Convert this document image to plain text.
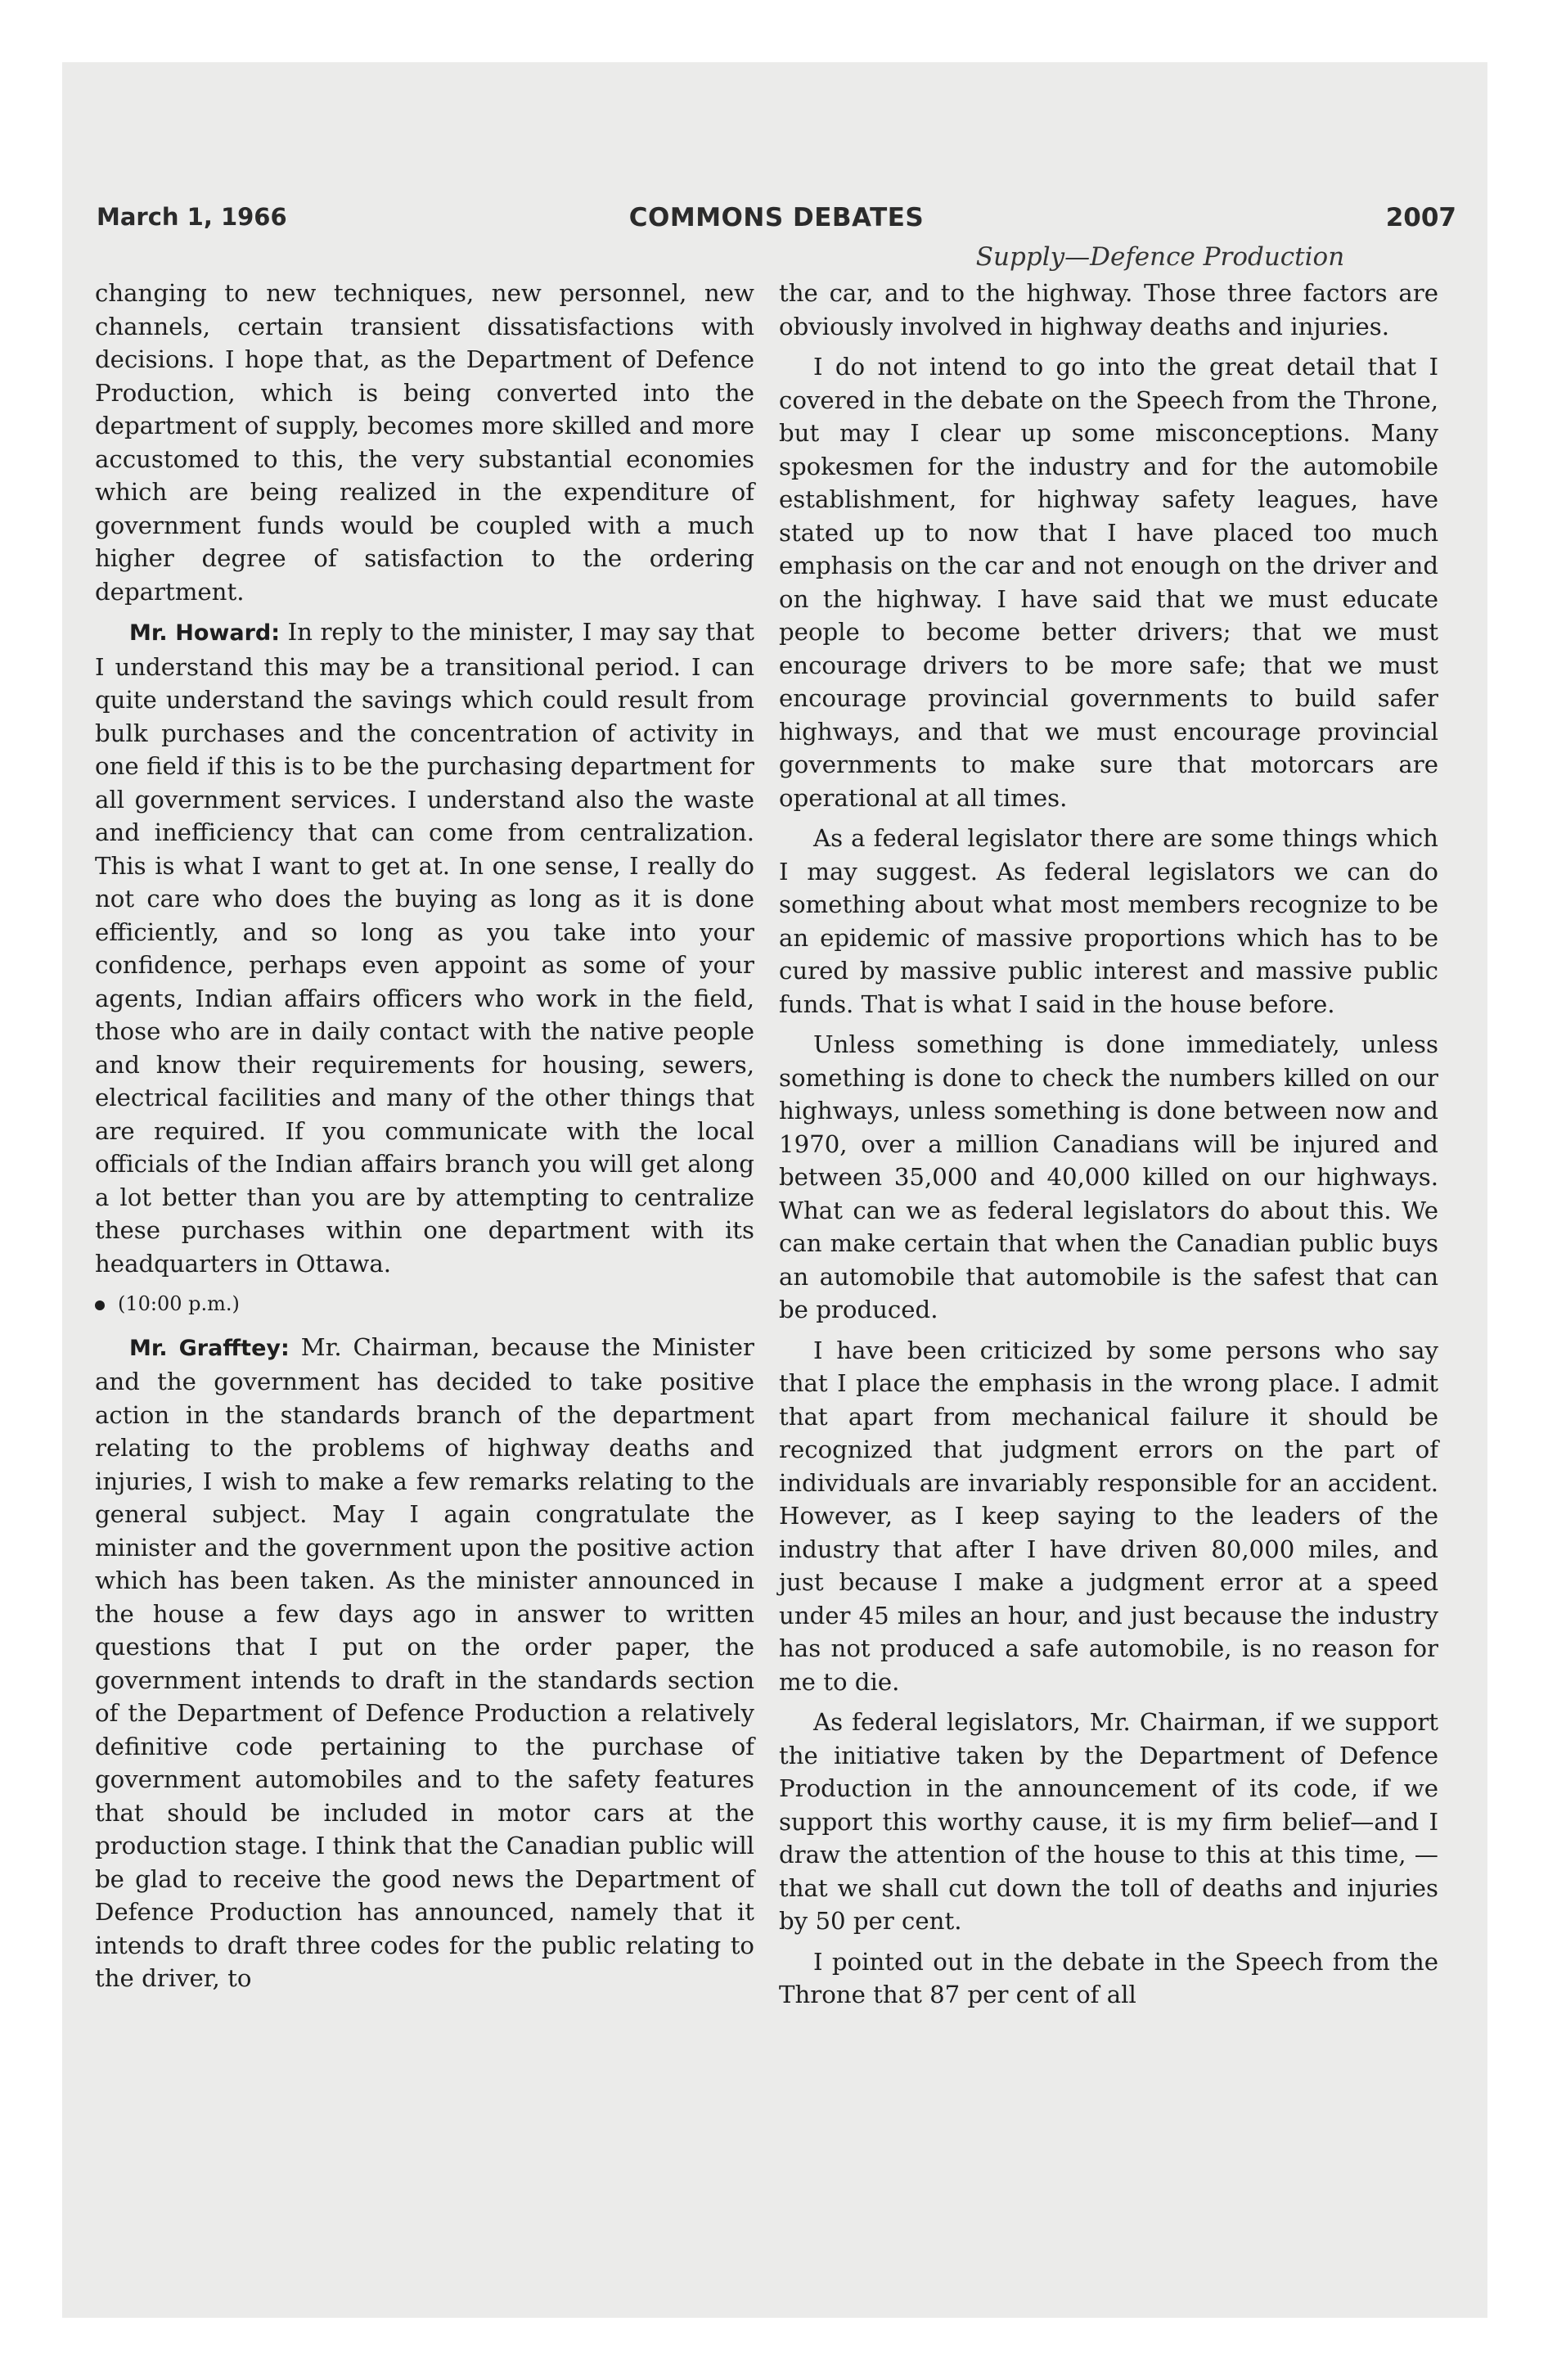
March 1, 1966	COMMONS DEBATES	2007
Supply—Defence Production

changing to new techniques, new personnel, new channels, certain transient dissatisfactions with decisions. I hope that, as the Department of Defence Production, which is being converted into the department of supply, becomes more skilled and more accustomed to this, the very substantial economies which are being realized in the expenditure of government funds would be coupled with a much higher degree of satisfaction to the ordering department.

Mr. Howard: In reply to the minister, I may say that I understand this may be a transitional period. I can quite understand the savings which could result from bulk purchases and the concentration of activity in one field if this is to be the purchasing department for all government services. I understand also the waste and inefficiency that can come from centralization. This is what I want to get at. In one sense, I really do not care who does the buying as long as it is done efficiently, and so long as you take into your confidence, perhaps even appoint as some of your agents, Indian affairs officers who work in the field, those who are in daily contact with the native people and know their requirements for housing, sewers, electrical facilities and many of the other things that are required. If you communicate with the local officials of the Indian affairs branch you will get along a lot better than you are by attempting to centralize these purchases within one department with its headquarters in Ottawa.

(10:00 p.m.)

Mr. Grafftey: Mr. Chairman, because the Minister and the government has decided to take positive action in the standards branch of the department relating to the problems of highway deaths and injuries, I wish to make a few remarks relating to the general subject. May I again congratulate the minister and the government upon the positive action which has been taken. As the minister announced in the house a few days ago in answer to written questions that I put on the order paper, the government intends to draft in the standards section of the Department of Defence Production a relatively definitive code pertaining to the purchase of government automobiles and to the safety features that should be included in motor cars at the production stage. I think that the Canadian public will be glad to receive the good news the Department of Defence Production has announced, namely that it intends to draft three codes for the public relating to the driver, to

the car, and to the highway. Those three factors are obviously involved in highway deaths and injuries.

I do not intend to go into the great detail that I covered in the debate on the Speech from the Throne, but may I clear up some misconceptions. Many spokesmen for the industry and for the automobile establishment, for highway safety leagues, have stated up to now that I have placed too much emphasis on the car and not enough on the driver and on the highway. I have said that we must educate people to become better drivers; that we must encourage drivers to be more safe; that we must encourage provincial governments to build safer highways, and that we must encourage provincial governments to make sure that motorcars are operational at all times.

As a federal legislator there are some things which I may suggest. As federal legislators we can do something about what most members recognize to be an epidemic of massive proportions which has to be cured by massive public interest and massive public funds. That is what I said in the house before.

Unless something is done immediately, unless something is done to check the numbers killed on our highways, unless something is done between now and 1970, over a million Canadians will be injured and between 35,000 and 40,000 killed on our highways. What can we as federal legislators do about this. We can make certain that when the Canadian public buys an automobile that automobile is the safest that can be produced.

I have been criticized by some persons who say that I place the emphasis in the wrong place. I admit that apart from mechanical failure it should be recognized that judgment errors on the part of individuals are invariably responsible for an accident. However, as I keep saying to the leaders of the industry that after I have driven 80,000 miles, and just because I make a judgment error at a speed under 45 miles an hour, and just because the industry has not produced a safe automobile, is no reason for me to die.

As federal legislators, Mr. Chairman, if we support the initiative taken by the Department of Defence Production in the announcement of its code, if we support this worthy cause, it is my firm belief—and I draw the attention of the house to this at this time, —that we shall cut down the toll of deaths and injuries by 50 per cent.

I pointed out in the debate in the Speech from the Throne that 87 per cent of all
